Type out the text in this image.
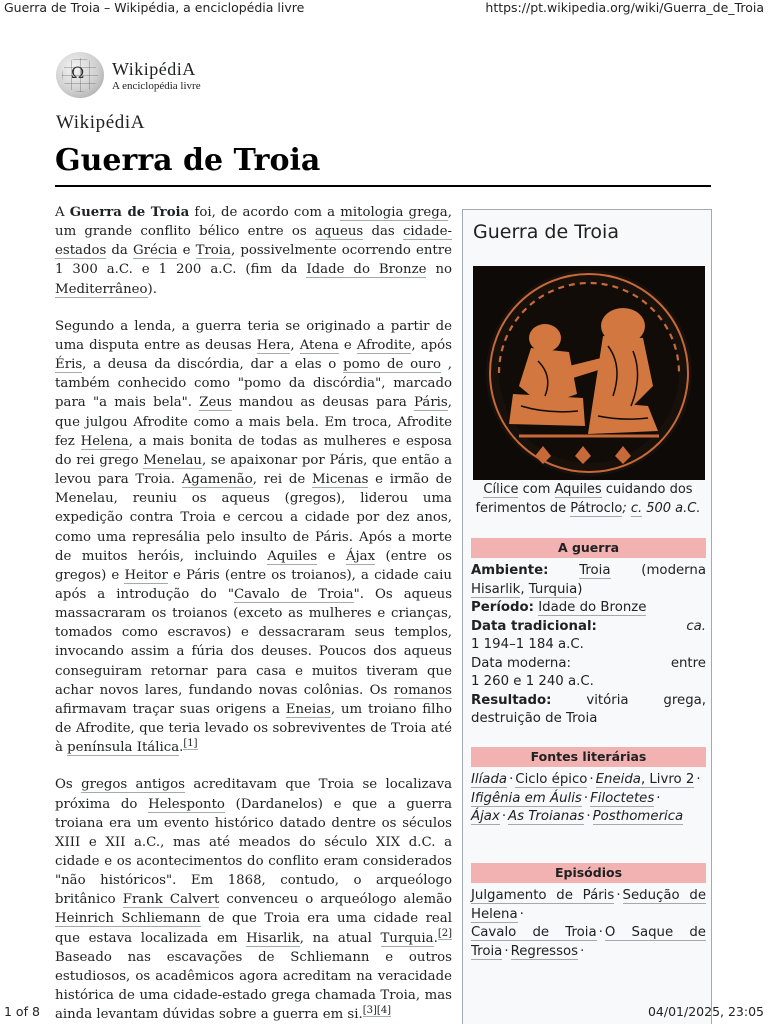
Guerra de Troia – Wikipédia, a enciclopédia livre	https://pt.wikipedia.org/wiki/Guerra_de_Troia
Ω
WikipédiA
A enciclopédia livre
WikipédiA
Guerra de Troia

A Guerra de Troia foi, de acordo com a mitologia grega, um grande conflito bélico entre os aqueus das cidade-estados da Grécia e Troia, possivelmente ocorrendo entre 1 300 a.C. e 1 200 a.C. (fim da Idade do Bronze no Mediterrâneo).

Segundo a lenda, a guerra teria se originado a partir de uma disputa entre as deusas Hera, Atena e Afrodite, após Éris, a deusa da discórdia, dar a elas o pomo de ouro , também conhecido como "pomo da discórdia", marcado para "a mais bela". Zeus mandou as deusas para Páris, que julgou Afrodite como a mais bela. Em troca, Afrodite fez Helena, a mais bonita de todas as mulheres e esposa do rei grego Menelau, se apaixonar por Páris, que então a levou para Troia. Agamenão, rei de Micenas e irmão de Menelau, reuniu os aqueus (gregos), liderou uma expedição contra Troia e cercou a cidade por dez anos, como uma represália pelo insulto de Páris. Após a morte de muitos heróis, incluindo Aquiles e Ájax (entre os gregos) e Heitor e Páris (entre os troianos), a cidade caiu após a introdução do "Cavalo de Troia". Os aqueus massacraram os troianos (exceto as mulheres e crianças, tomados como escravos) e dessacraram seus templos, invocando assim a fúria dos deuses. Poucos dos aqueus conseguiram retornar para casa e muitos tiveram que achar novos lares, fundando novas colônias. Os romanos afirmavam traçar suas origens a Eneias, um troiano filho de Afrodite, que teria levado os sobreviventes de Troia até à península Itálica.[1]

Os gregos antigos acreditavam que Troia se localizava próxima do Helesponto (Dardanelos) e que a guerra troiana era um evento histórico datado dentre os séculos XIII e XII a.C., mas até meados do século XIX d.C. a cidade e os acontecimentos do conflito eram considerados "não históricos". Em 1868, contudo, o arqueólogo britânico Frank Calvert convenceu o arqueólogo alemão Heinrich Schliemann de que Troia era uma cidade real que estava localizada em Hisarlik, na atual Turquia.[2] Baseado nas escavações de Schliemann e outros estudiosos, os acadêmicos agora acreditam na veracidade histórica de uma cidade-estado grega chamada Troia, mas ainda levantam dúvidas sobre a guerra em si.[3][4]

Guerra de Troia
Cílice com Aquiles cuidando dos ferimentos de Pátroclo; c. 500 a.C.
A guerra
Ambiente: Troia (moderna Hisarlik, Turquia)
Período: Idade do Bronze
Data tradicional:	ca.
1 194–1 184 a.C.
Data moderna:	entre
1 260 e 1 240 a.C.
Resultado:	vitória grega, destruição de Troia
Fontes literárias
Ilíada · Ciclo épico · Eneida, Livro 2 ·
Ifigênia em Áulis · Filoctetes ·
Ájax · As Troianas · Posthomerica
Episódios
Julgamento de Páris · Sedução de Helena ·
Cavalo de Troia · O Saque de Troia · Regressos ·
1 of 8	04/01/2025, 23:05
